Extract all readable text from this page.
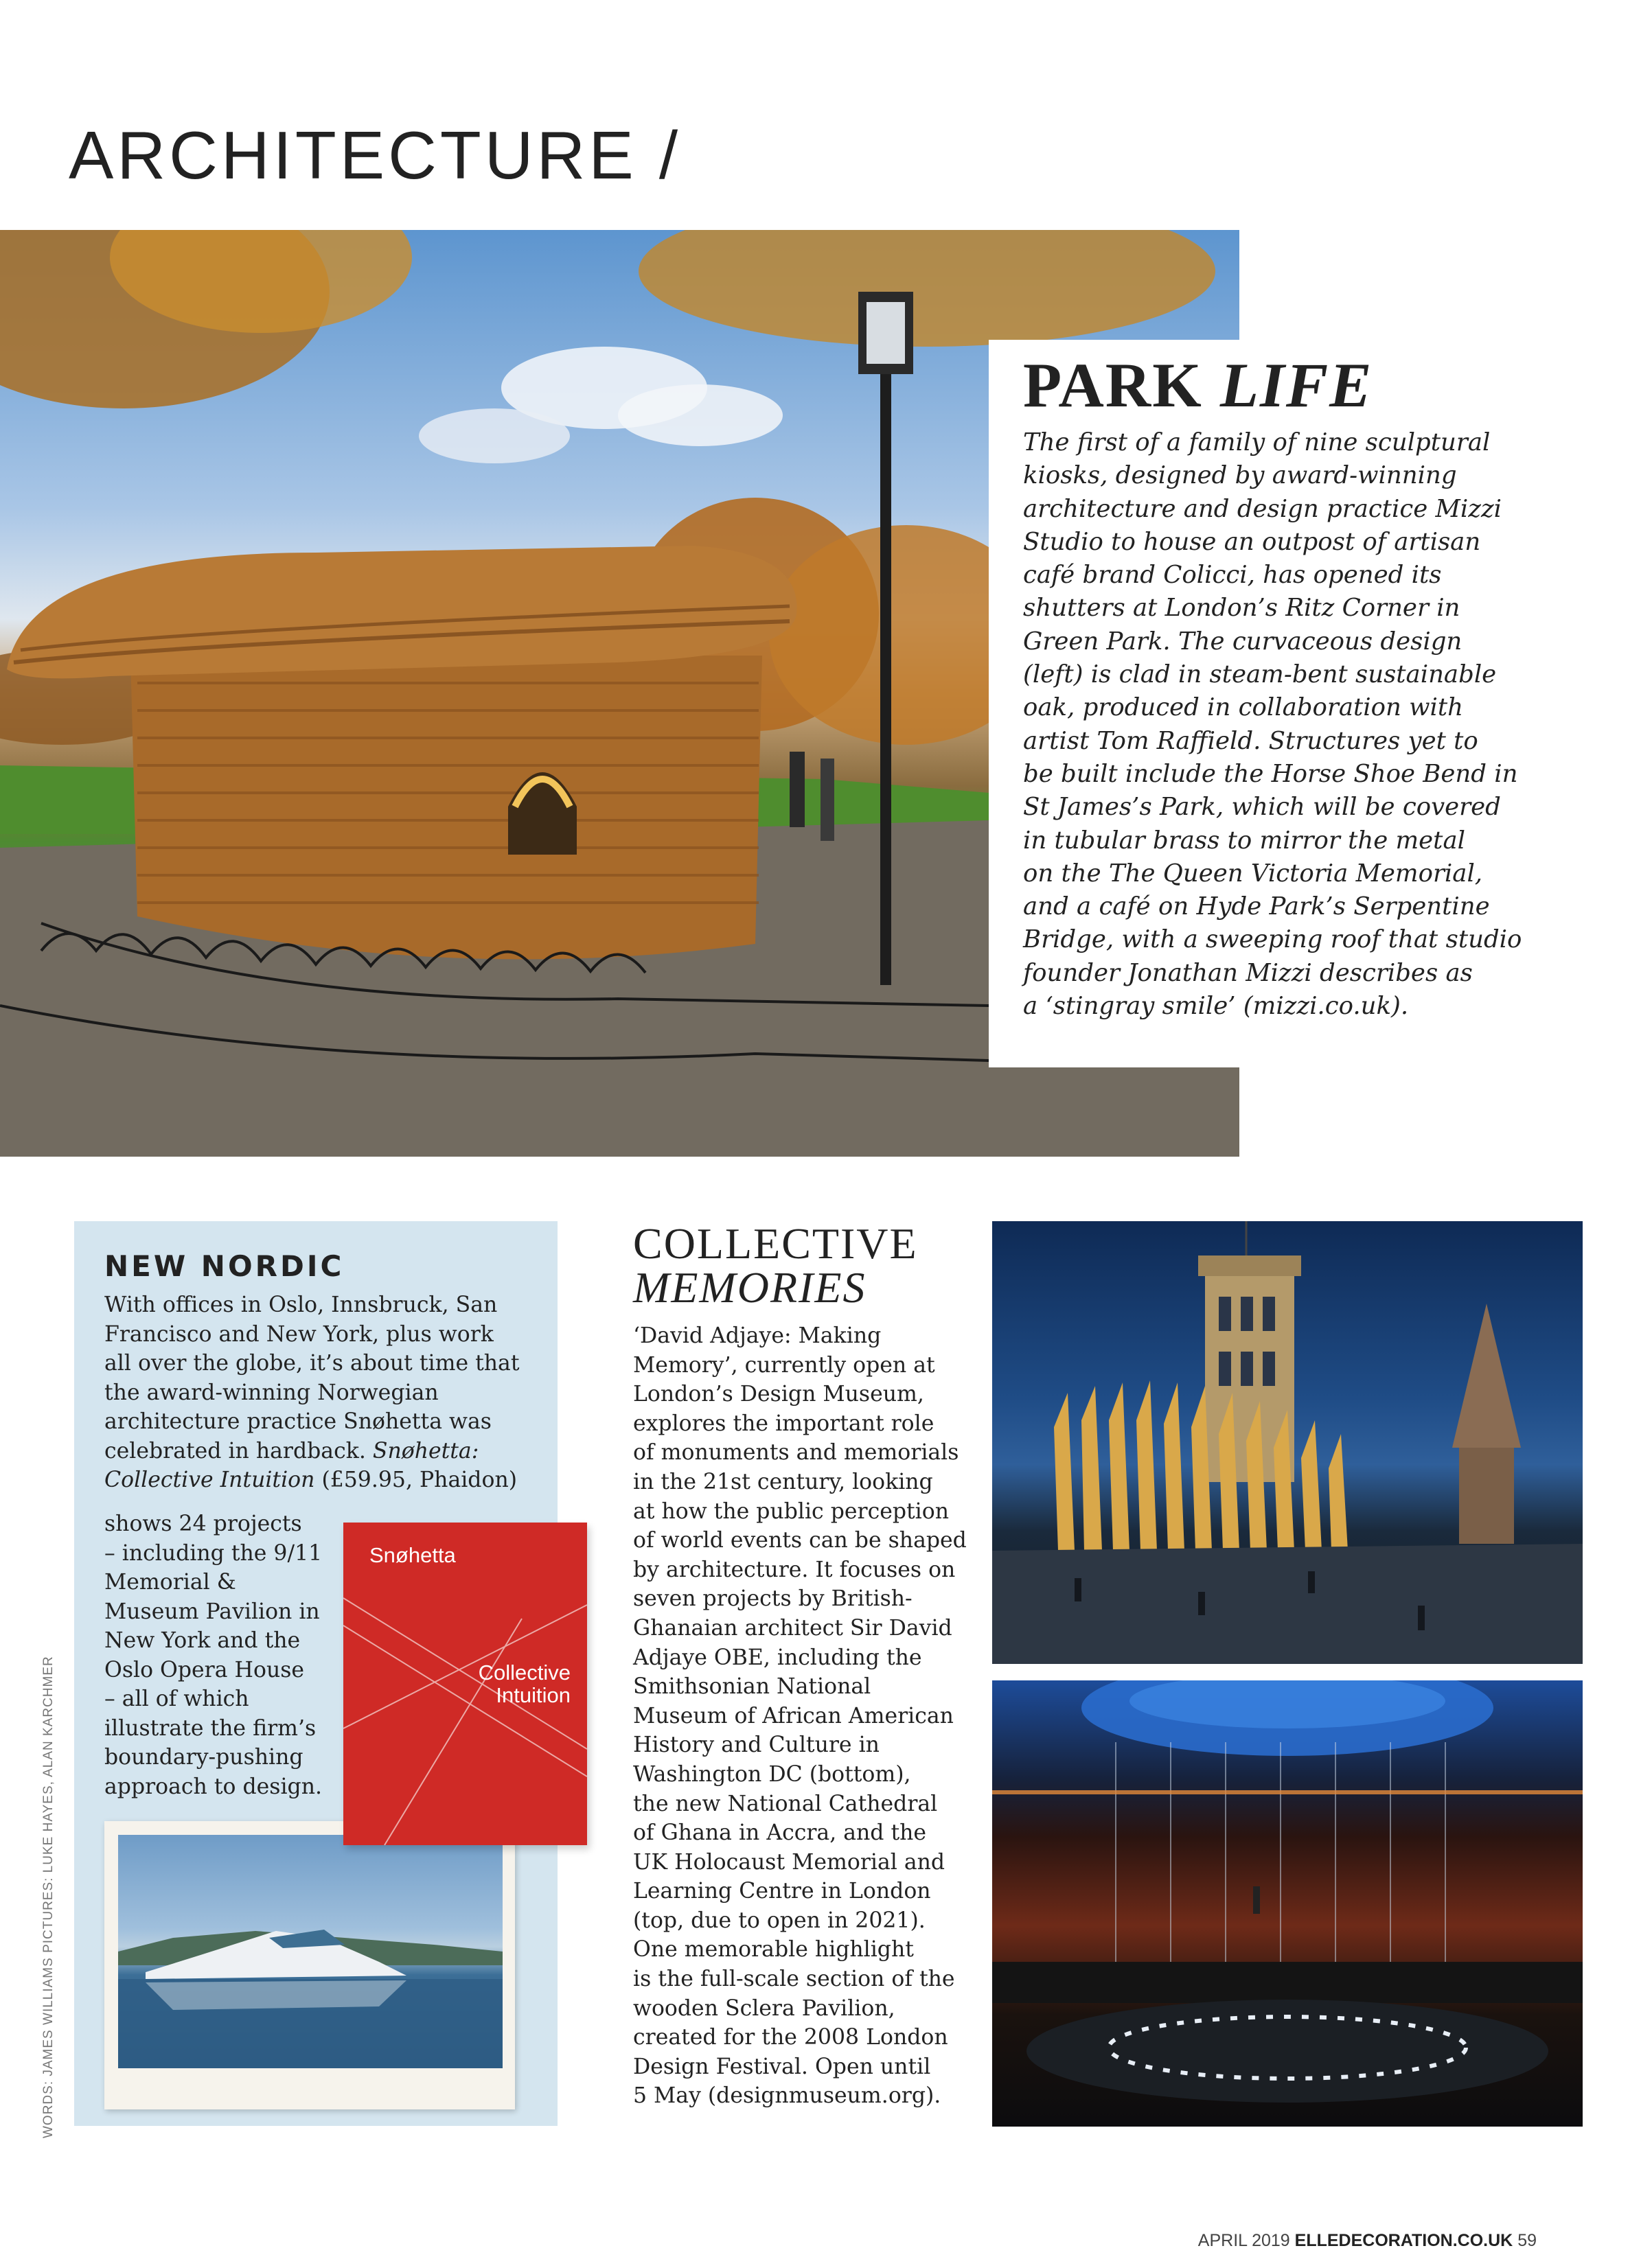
ARCHITECTURE /
PARK LIFE

The first of a family of nine sculptural
kiosks, designed by award-winning
architecture and design practice Mizzi
Studio to house an outpost of artisan
café brand Colicci, has opened its
shutters at London’s Ritz Corner in
Green Park. The curvaceous design
(left) is clad in steam-bent sustainable
oak, produced in collaboration with
artist Tom Raffield. Structures yet to
be built include the Horse Shoe Bend in
St James’s Park, which will be covered
in tubular brass to mirror the metal
on the The Queen Victoria Memorial,
and a café on Hyde Park’s Serpentine
Bridge, with a sweeping roof that studio
founder Jonathan Mizzi describes as
a ‘stingray smile’ (mizzi.co.uk).

NEW NORDIC

With offices in Oslo, Innsbruck, San
Francisco and New York, plus work
all over the globe, it’s about time that
the award-winning Norwegian
architecture practice Snøhetta was
celebrated in hardback. Snøhetta:
Collective Intuition (£59.95, Phaidon)

shows 24 projects
– including the 9/11
Memorial &
Museum Pavilion in
New York and the
Oslo Opera House
– all of which
illustrate the firm’s
boundary-pushing
approach to design.

Snøhetta
Collective
Intuition
WORDS: JAMES WILLIAMS PICTURES: LUKE HAYES, ALAN KARCHMER
COLLECTIVE
MEMORIES

‘David Adjaye: Making
Memory’, currently open at
London’s Design Museum,
explores the important role
of monuments and memorials
in the 21st century, looking
at how the public perception
of world events can be shaped
by architecture. It focuses on
seven projects by British-
Ghanaian architect Sir David
Adjaye OBE, including the
Smithsonian National
Museum of African American
History and Culture in
Washington DC (bottom),
the new National Cathedral
of Ghana in Accra, and the
UK Holocaust Memorial and
Learning Centre in London
(top, due to open in 2021).
One memorable highlight
is the full-scale section of the
wooden Sclera Pavilion,
created for the 2008 London
Design Festival. Open until
5 May (designmuseum.org).

APRIL 2019 ELLEDECORATION.CO.UK 59
